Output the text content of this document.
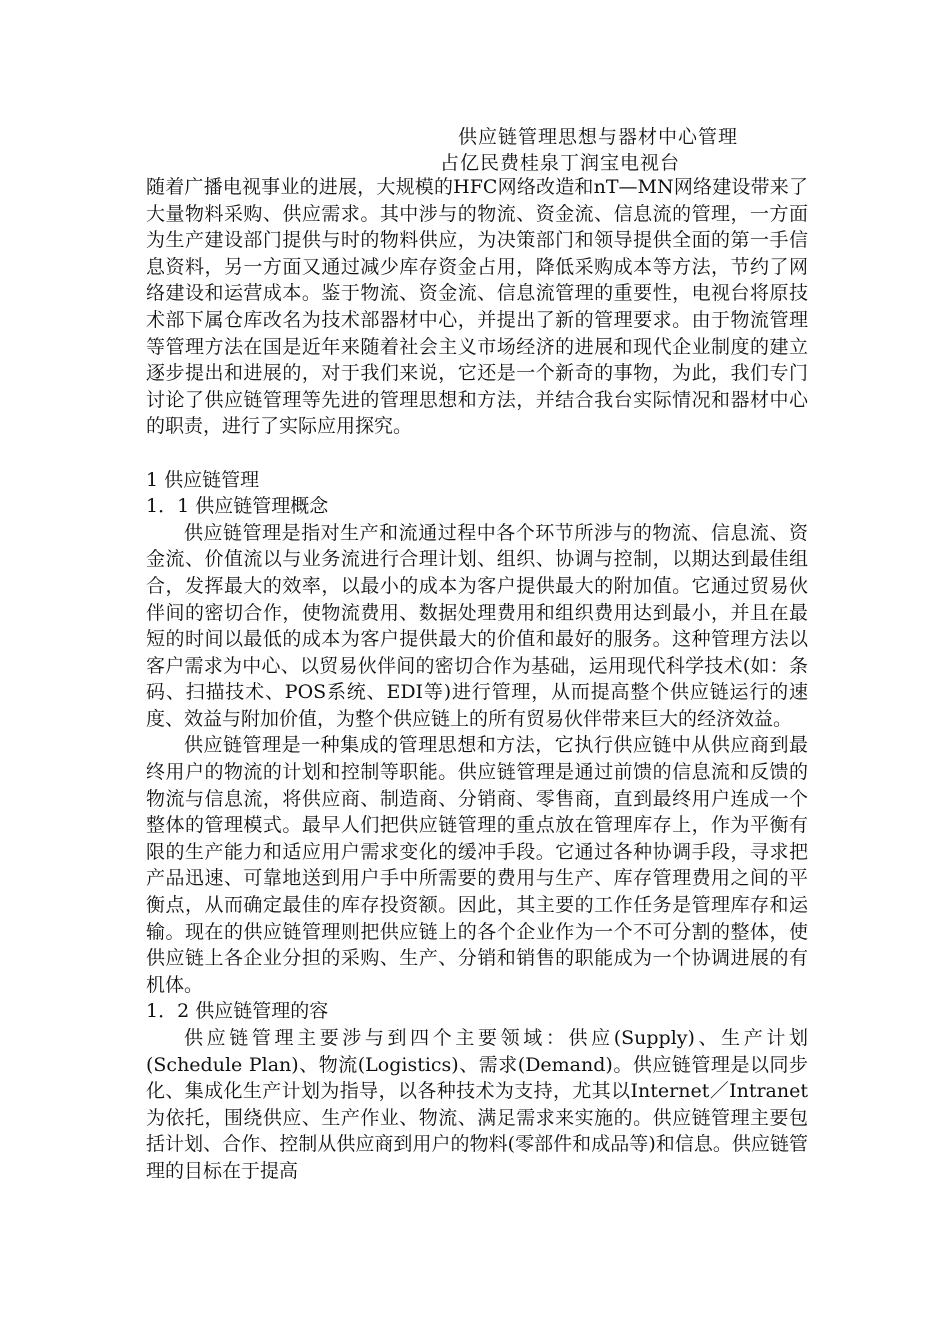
供应链管理思想与器材中心管理
占亿民费桂泉丁润宝电视台

随着广播电视事业的进展，大规模的HFC网络改造和nT—MN网络建设带来了大量物料采购、供应需求。其中涉与的物流、资金流、信息流的管理，一方面为生产建设部门提供与时的物料供应，为决策部门和领导提供全面的第一手信息资料，另一方面又通过减少库存资金占用，降低采购成本等方法，节约了网络建设和运营成本。鉴于物流、资金流、信息流管理的重要性，电视台将原技术部下属仓库改名为技术部器材中心，并提出了新的管理要求。由于物流管理等管理方法在国是近年来随着社会主义市场经济的进展和现代企业制度的建立逐步提出和进展的，对于我们来说，它还是一个新奇的事物，为此，我们专门讨论了供应链管理等先进的管理思想和方法，并结合我台实际情况和器材中心的职责，进行了实际应用探究。

1 供应链管理

1．1 供应链管理概念

供应链管理是指对生产和流通过程中各个环节所涉与的物流、信息流、资金流、价值流以与业务流进行合理计划、组织、协调与控制，以期达到最佳组合，发挥最大的效率，以最小的成本为客户提供最大的附加值。它通过贸易伙伴间的密切合作，使物流费用、数据处理费用和组织费用达到最小，并且在最短的时间以最低的成本为客户提供最大的价值和最好的服务。这种管理方法以客户需求为中心、以贸易伙伴间的密切合作为基础，运用现代科学技术(如：条码、扫描技术、POS系统、EDI等)进行管理，从而提高整个供应链运行的速度、效益与附加价值，为整个供应链上的所有贸易伙伴带来巨大的经济效益。

供应链管理是一种集成的管理思想和方法，它执行供应链中从供应商到最终用户的物流的计划和控制等职能。供应链管理是通过前馈的信息流和反馈的物流与信息流，将供应商、制造商、分销商、零售商，直到最终用户连成一个整体的管理模式。最早人们把供应链管理的重点放在管理库存上，作为平衡有限的生产能力和适应用户需求变化的缓冲手段。它通过各种协调手段，寻求把产品迅速、可靠地送到用户手中所需要的费用与生产、库存管理费用之间的平衡点，从而确定最佳的库存投资额。因此，其主要的工作任务是管理库存和运输。现在的供应链管理则把供应链上的各个企业作为一个不可分割的整体，使供应链上各企业分担的采购、生产、分销和销售的职能成为一个协调进展的有机体。

1．2 供应链管理的容

供应链管理主要涉与到四个主要领域：供应(Supply)、生产计划(Schedule Plan)、物流(Logistics)、需求(Demand)。供应链管理是以同步化、集成化生产计划为指导，以各种技术为支持，尤其以Internet／Intranet为依托，围绕供应、生产作业、物流、满足需求来实施的。供应链管理主要包括计划、合作、控制从供应商到用户的物料(零部件和成品等)和信息。供应链管理的目标在于提高
